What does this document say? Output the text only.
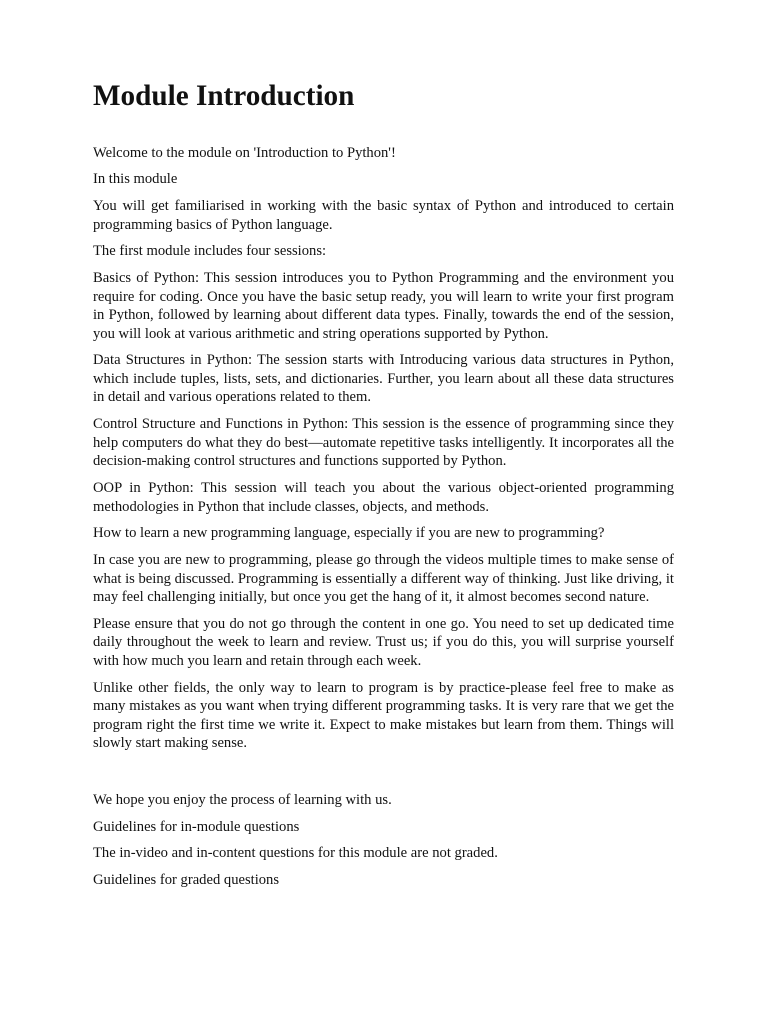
Module Introduction

Welcome to the module on 'Introduction to Python'!

In this module

You will get familiarised in working with the basic syntax of Python and introduced to certain programming basics of Python language.

The first module includes four sessions:

Basics of Python: This session introduces you to Python Programming and the environment you require for coding. Once you have the basic setup ready, you will learn to write your first program in Python, followed by learning about different data types. Finally, towards the end of the session, you will look at various arithmetic and string operations supported by Python.

Data Structures in Python: The session starts with Introducing various data structures in Python, which include tuples, lists, sets, and dictionaries. Further, you learn about all these data structures in detail and various operations related to them.

Control Structure and Functions in Python: This session is the essence of programming since they help computers do what they do best—automate repetitive tasks intelligently. It incorporates all the decision-making control structures and functions supported by Python.

OOP in Python: This session will teach you about the various object-oriented programming methodologies in Python that include classes, objects, and methods.

How to learn a new programming language, especially if you are new to programming?

In case you are new to programming, please go through the videos multiple times to make sense of what is being discussed. Programming is essentially a different way of thinking. Just like driving, it may feel challenging initially, but once you get the hang of it, it almost becomes second nature.

Please ensure that you do not go through the content in one go. You need to set up dedicated time daily throughout the week to learn and review. Trust us; if you do this, you will surprise yourself with how much you learn and retain through each week.

Unlike other fields, the only way to learn to program is by practice-please feel free to make as many mistakes as you want when trying different programming tasks. It is very rare that we get the program right the first time we write it. Expect to make mistakes but learn from them. Things will slowly start making sense.

We hope you enjoy the process of learning with us.

Guidelines for in-module questions

The in-video and in-content questions for this module are not graded.

Guidelines for graded questions
